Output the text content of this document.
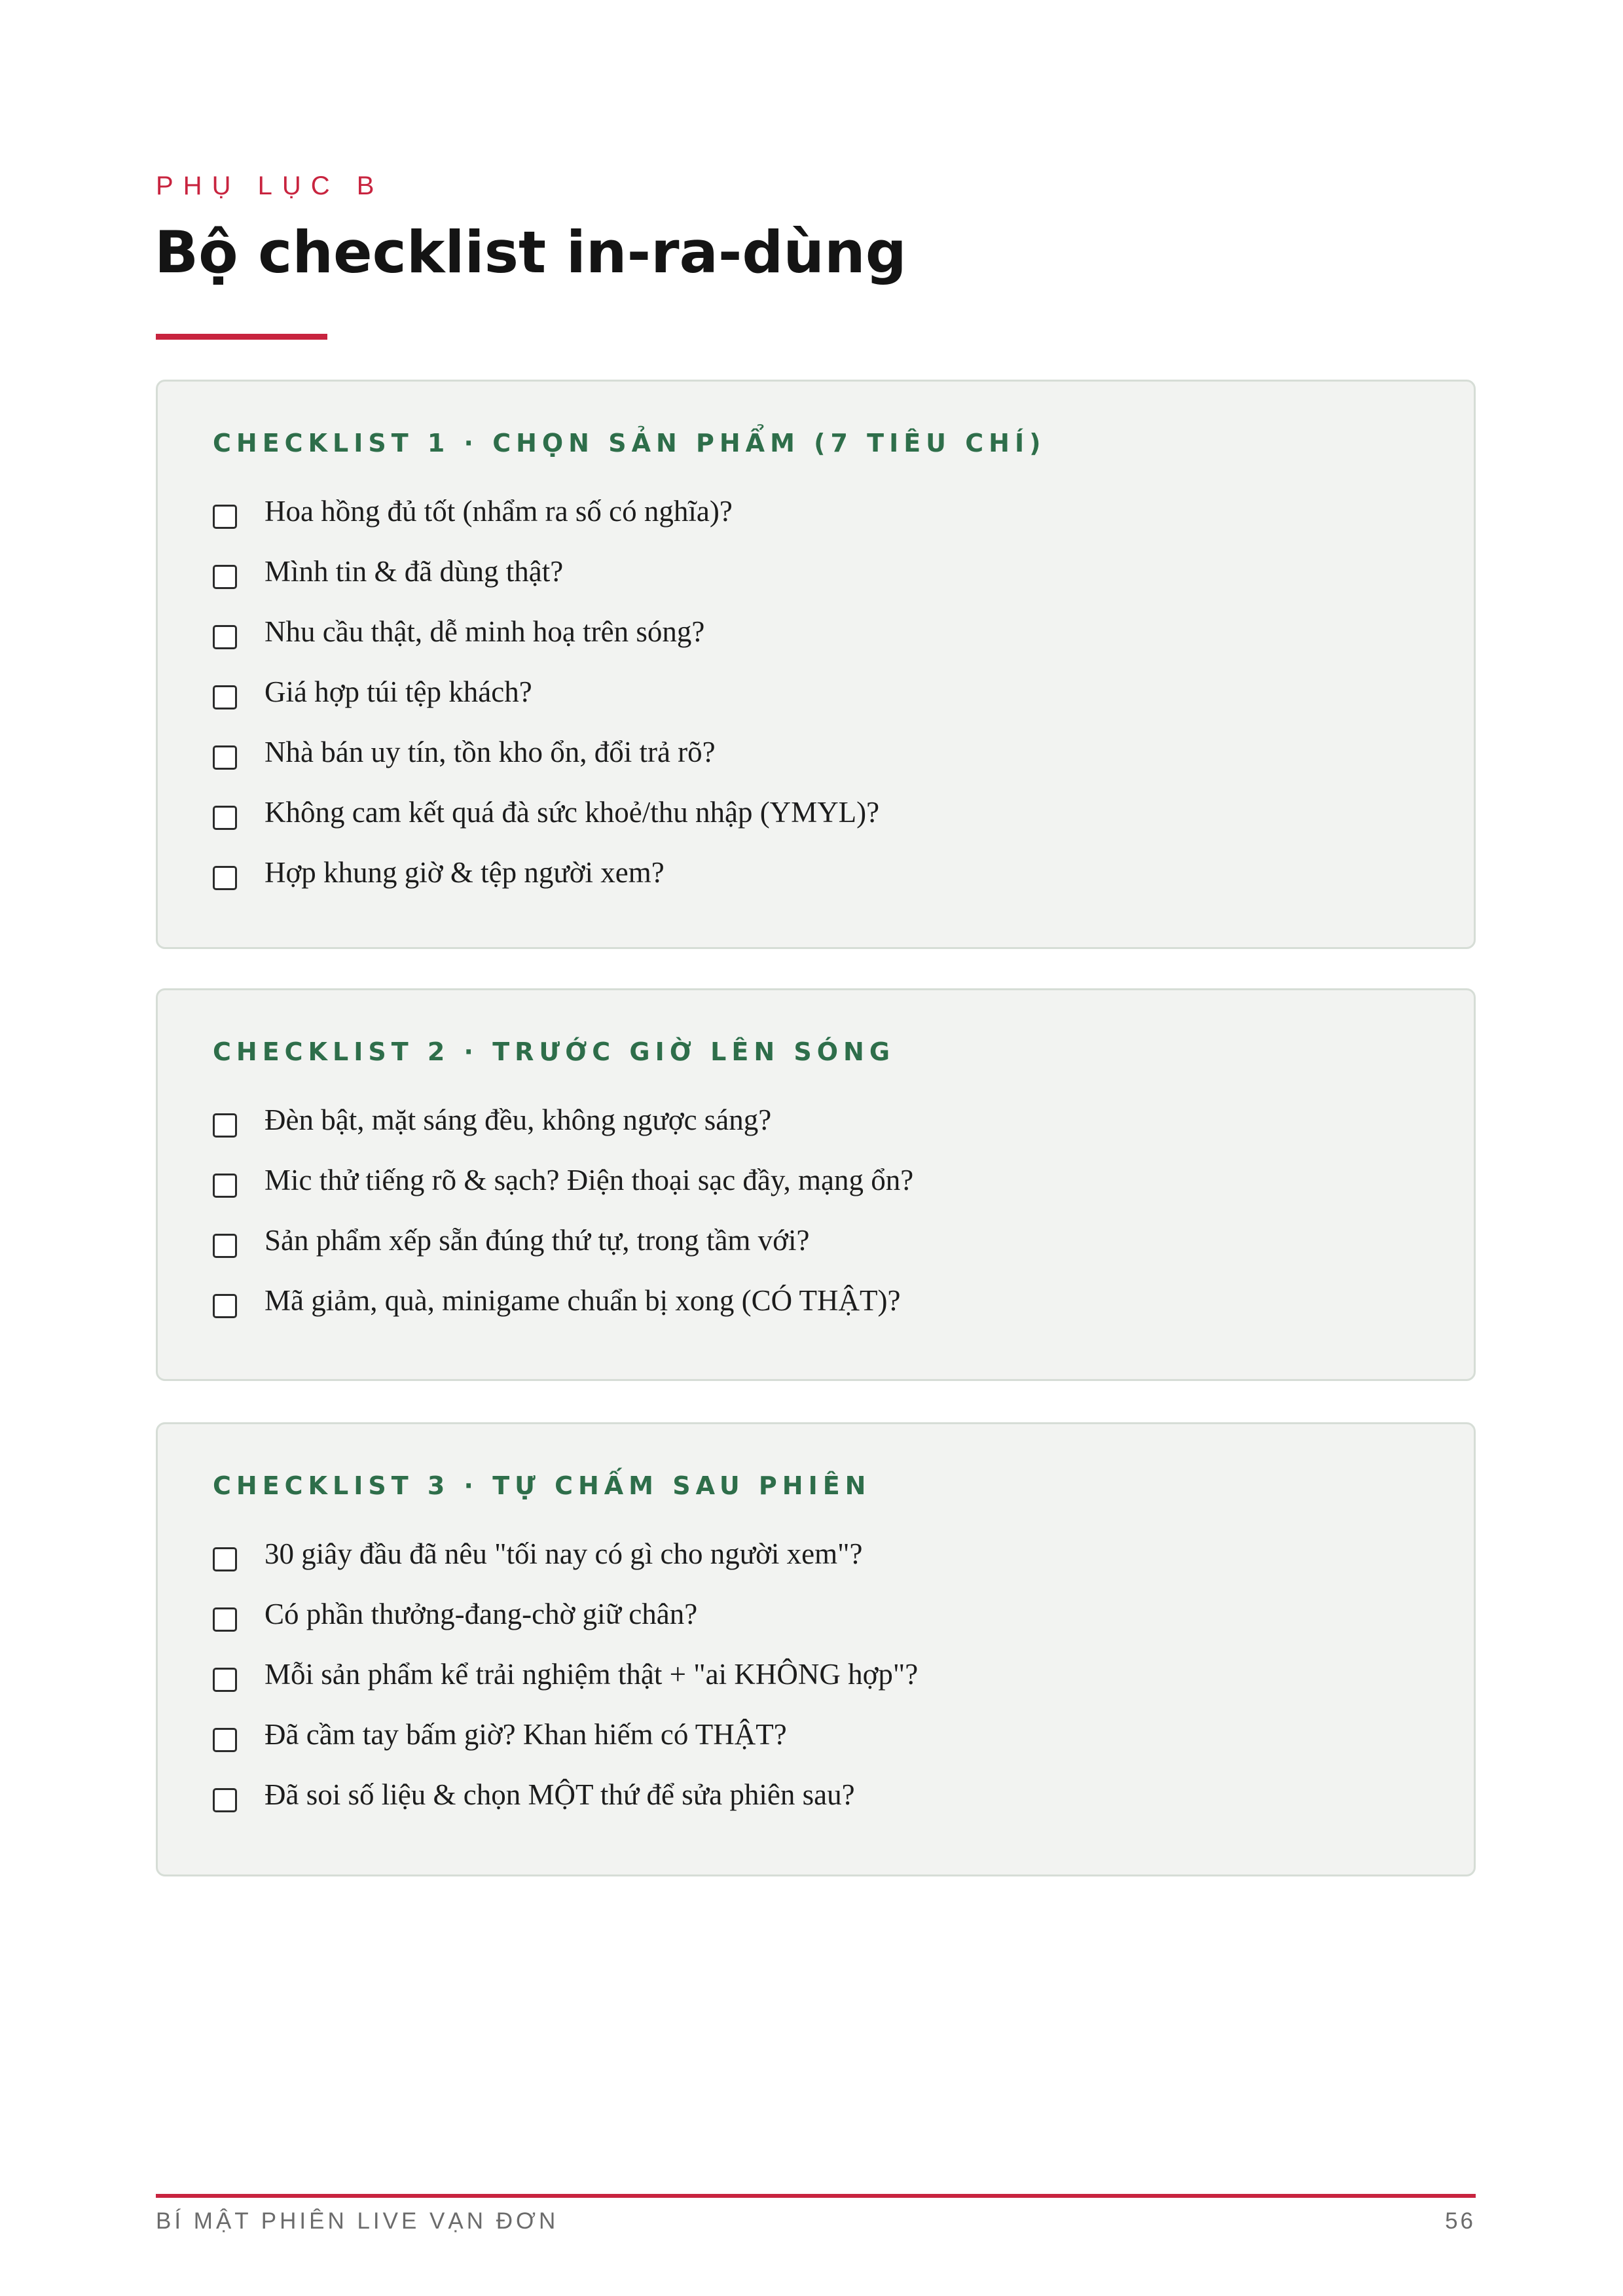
PHỤ LỤC B
Bộ checklist in-ra-dùng
CHECKLIST 1 · CHỌN SẢN PHẨM (7 TIÊU CHÍ)
Hoa hồng đủ tốt (nhẩm ra số có nghĩa)?
Mình tin & đã dùng thật?
Nhu cầu thật, dễ minh hoạ trên sóng?
Giá hợp túi tệp khách?
Nhà bán uy tín, tồn kho ổn, đổi trả rõ?
Không cam kết quá đà sức khoẻ/thu nhập (YMYL)?
Hợp khung giờ & tệp người xem?
CHECKLIST 2 · TRƯỚC GIỜ LÊN SÓNG
Đèn bật, mặt sáng đều, không ngược sáng?
Mic thử tiếng rõ & sạch? Điện thoại sạc đầy, mạng ổn?
Sản phẩm xếp sẵn đúng thứ tự, trong tầm với?
Mã giảm, quà, minigame chuẩn bị xong (CÓ THẬT)?
CHECKLIST 3 · TỰ CHẤM SAU PHIÊN
30 giây đầu đã nêu "tối nay có gì cho người xem"?
Có phần thưởng-đang-chờ giữ chân?
Mỗi sản phẩm kể trải nghiệm thật + "ai KHÔNG hợp"?
Đã cầm tay bấm giờ? Khan hiếm có THẬT?
Đã soi số liệu & chọn MỘT thứ để sửa phiên sau?
BÍ MẬT PHIÊN LIVE VẠN ĐƠN	56
